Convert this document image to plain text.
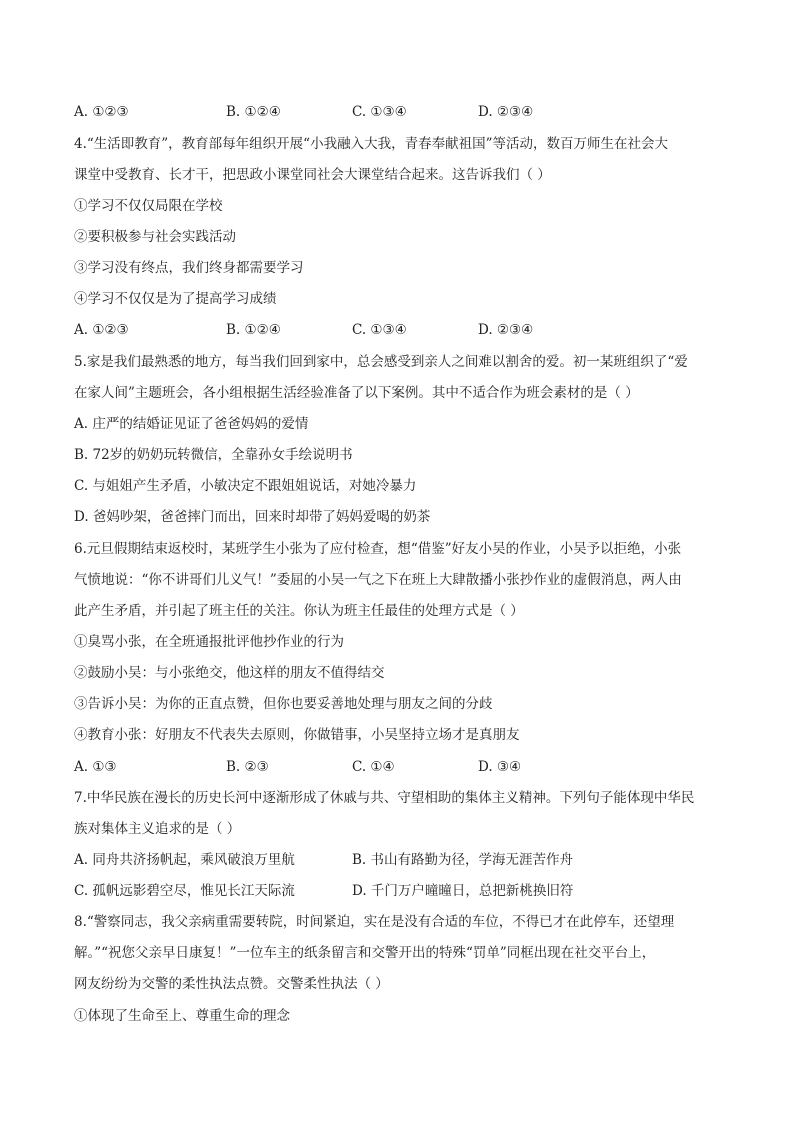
A. ①②③	B. ①②④	C. ①③④	D. ②③④
4.“生活即教育”，教育部每年组织开展“小我融入大我，青春奉献祖国”等活动，数百万师生在社会大
课堂中受教育、长才干，把思政小课堂同社会大课堂结合起来。这告诉我们（ ）
①学习不仅仅局限在学校
②要积极参与社会实践活动
③学习没有终点，我们终身都需要学习
④学习不仅仅是为了提高学习成绩
A. ①②③	B. ①②④	C. ①③④	D. ②③④
5.家是我们最熟悉的地方，每当我们回到家中，总会感受到亲人之间难以割舍的爱。初一某班组织了“爱
在家人间”主题班会，各小组根据生活经验准备了以下案例。其中不适合作为班会素材的是（ ）
A. 庄严的结婚证见证了爸爸妈妈的爱情
B. 72岁的奶奶玩转微信，全靠孙女手绘说明书
C. 与姐姐产生矛盾，小敏决定不跟姐姐说话，对她冷暴力
D. 爸妈吵架，爸爸摔门而出，回来时却带了妈妈爱喝的奶茶
6.元旦假期结束返校时，某班学生小张为了应付检查，想“借鉴”好友小吴的作业，小吴予以拒绝，小张
气愤地说：“你不讲哥们儿义气！”委屈的小吴一气之下在班上大肆散播小张抄作业的虚假消息，两人由
此产生矛盾，并引起了班主任的关注。你认为班主任最佳的处理方式是（ ）
①臭骂小张，在全班通报批评他抄作业的行为
②鼓励小吴：与小张绝交，他这样的朋友不值得结交
③告诉小吴：为你的正直点赞，但你也要妥善地处理与朋友之间的分歧
④教育小张：好朋友不代表失去原则，你做错事，小吴坚持立场才是真朋友
A. ①③	B. ②③	C. ①④	D. ③④
7.中华民族在漫长的历史长河中逐渐形成了休戚与共、守望相助的集体主义精神。下列句子能体现中华民
族对集体主义追求的是（ ）
A. 同舟共济扬帆起，乘风破浪万里航	B. 书山有路勤为径，学海无涯苦作舟
C. 孤帆远影碧空尽，惟见长江天际流	D. 千门万户曈曈日，总把新桃换旧符
8.“警察同志，我父亲病重需要转院，时间紧迫，实在是没有合适的车位，不得已才在此停车，还望理
解。”“祝您父亲早日康复！”一位车主的纸条留言和交警开出的特殊“罚单”同框出现在社交平台上，
网友纷纷为交警的柔性执法点赞。交警柔性执法（ ）
①体现了生命至上、尊重生命的理念
